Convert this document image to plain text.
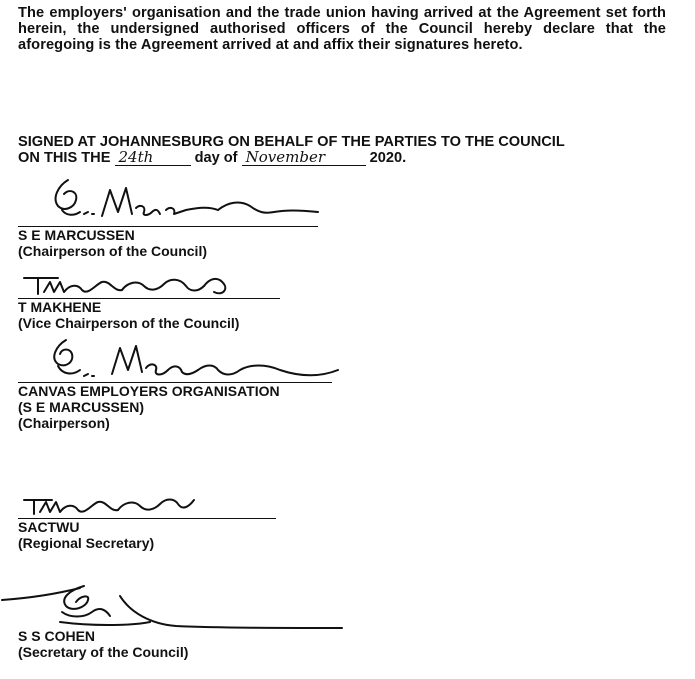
The employers' organisation and the trade union having arrived at the Agreement set forth herein, the undersigned authorised officers of the Council hereby declare that the aforegoing is the Agreement arrived at and affix their signatures hereto.
SIGNED AT JOHANNESBURG ON BEHALF OF THE PARTIES TO THE COUNCIL
ON THIS THE 24th	day of November	2020.
S E MARCUSSEN
(Chairperson of the Council)
T MAKHENE
(Vice Chairperson of the Council)
CANVAS EMPLOYERS ORGANISATION
(S E MARCUSSEN)
(Chairperson)
SACTWU
(Regional Secretary)
S S COHEN
(Secretary of the Council)
